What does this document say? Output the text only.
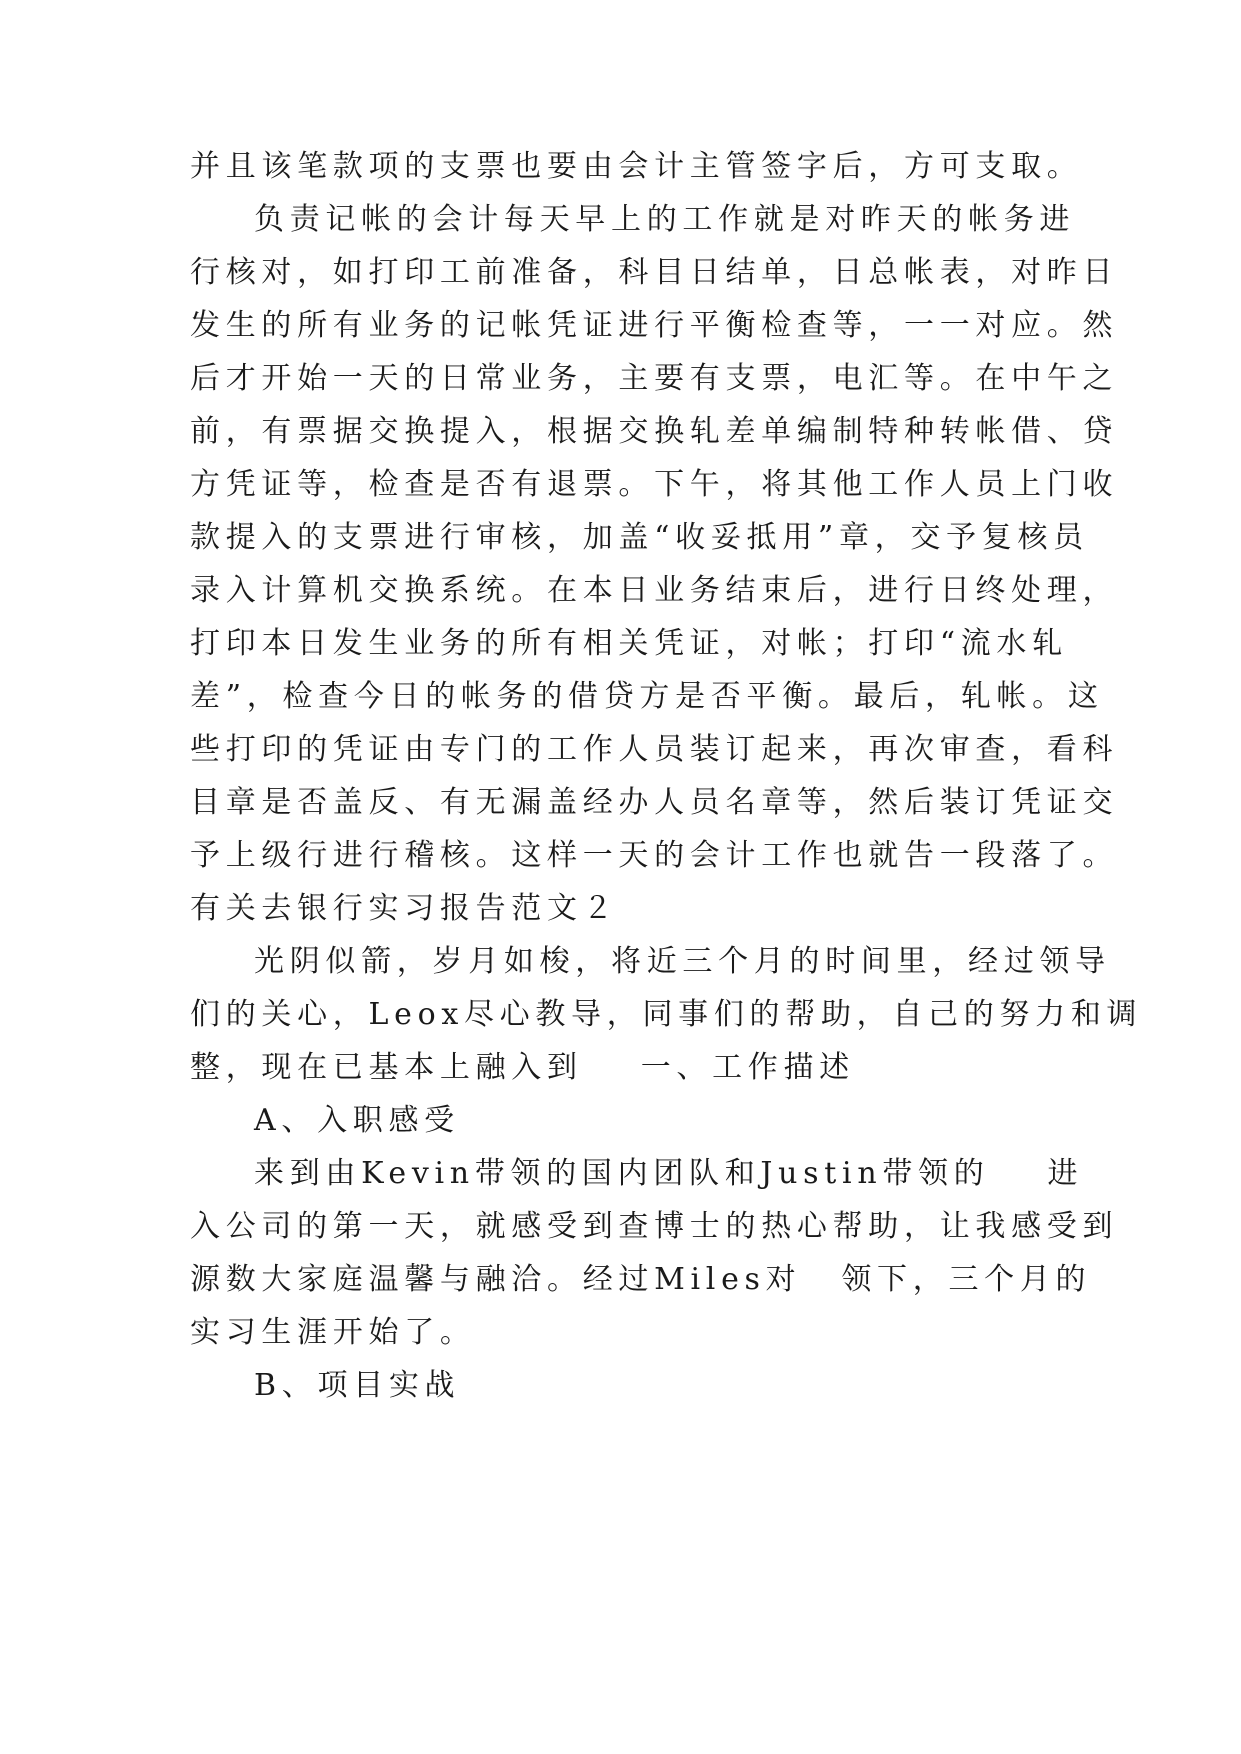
并且该笔款项的支票也要由会计主管签字后，方可支取。
负责记帐的会计每天早上的工作就是对昨天的帐务进
行核对，如打印工前准备，科目日结单，日总帐表，对昨日
发生的所有业务的记帐凭证进行平衡检查等，一一对应。然
后才开始一天的日常业务，主要有支票，电汇等。在中午之
前，有票据交换提入，根据交换轧差单编制特种转帐借、贷
方凭证等，检查是否有退票。下午，将其他工作人员上门收
款提入的支票进行审核，加盖“收妥抵用”章，交予复核员
录入计算机交换系统。在本日业务结束后，进行日终处理，
打印本日发生业务的所有相关凭证，对帐；打印“流水轧
差”，检查今日的帐务的借贷方是否平衡。最后，轧帐。这
些打印的凭证由专门的工作人员装订起来，再次审查，看科
目章是否盖反、有无漏盖经办人员名章等，然后装订凭证交
予上级行进行稽核。这样一天的会计工作也就告一段落了。
有关去银行实习报告范文２
光阴似箭，岁月如梭，将近三个月的时间里，经过领导
们的关心，Leox尽心教导，同事们的帮助，自己的努力和调
整，现在已基本上融入到 一、工作描述
A、入职感受
来到由Kevin带领的国内团队和Justin带领的 进
入公司的第一天，就感受到查博士的热心帮助，让我感受到
源数大家庭温馨与融洽。经过Miles对 领下，三个月的
实习生涯开始了。
B、项目实战
